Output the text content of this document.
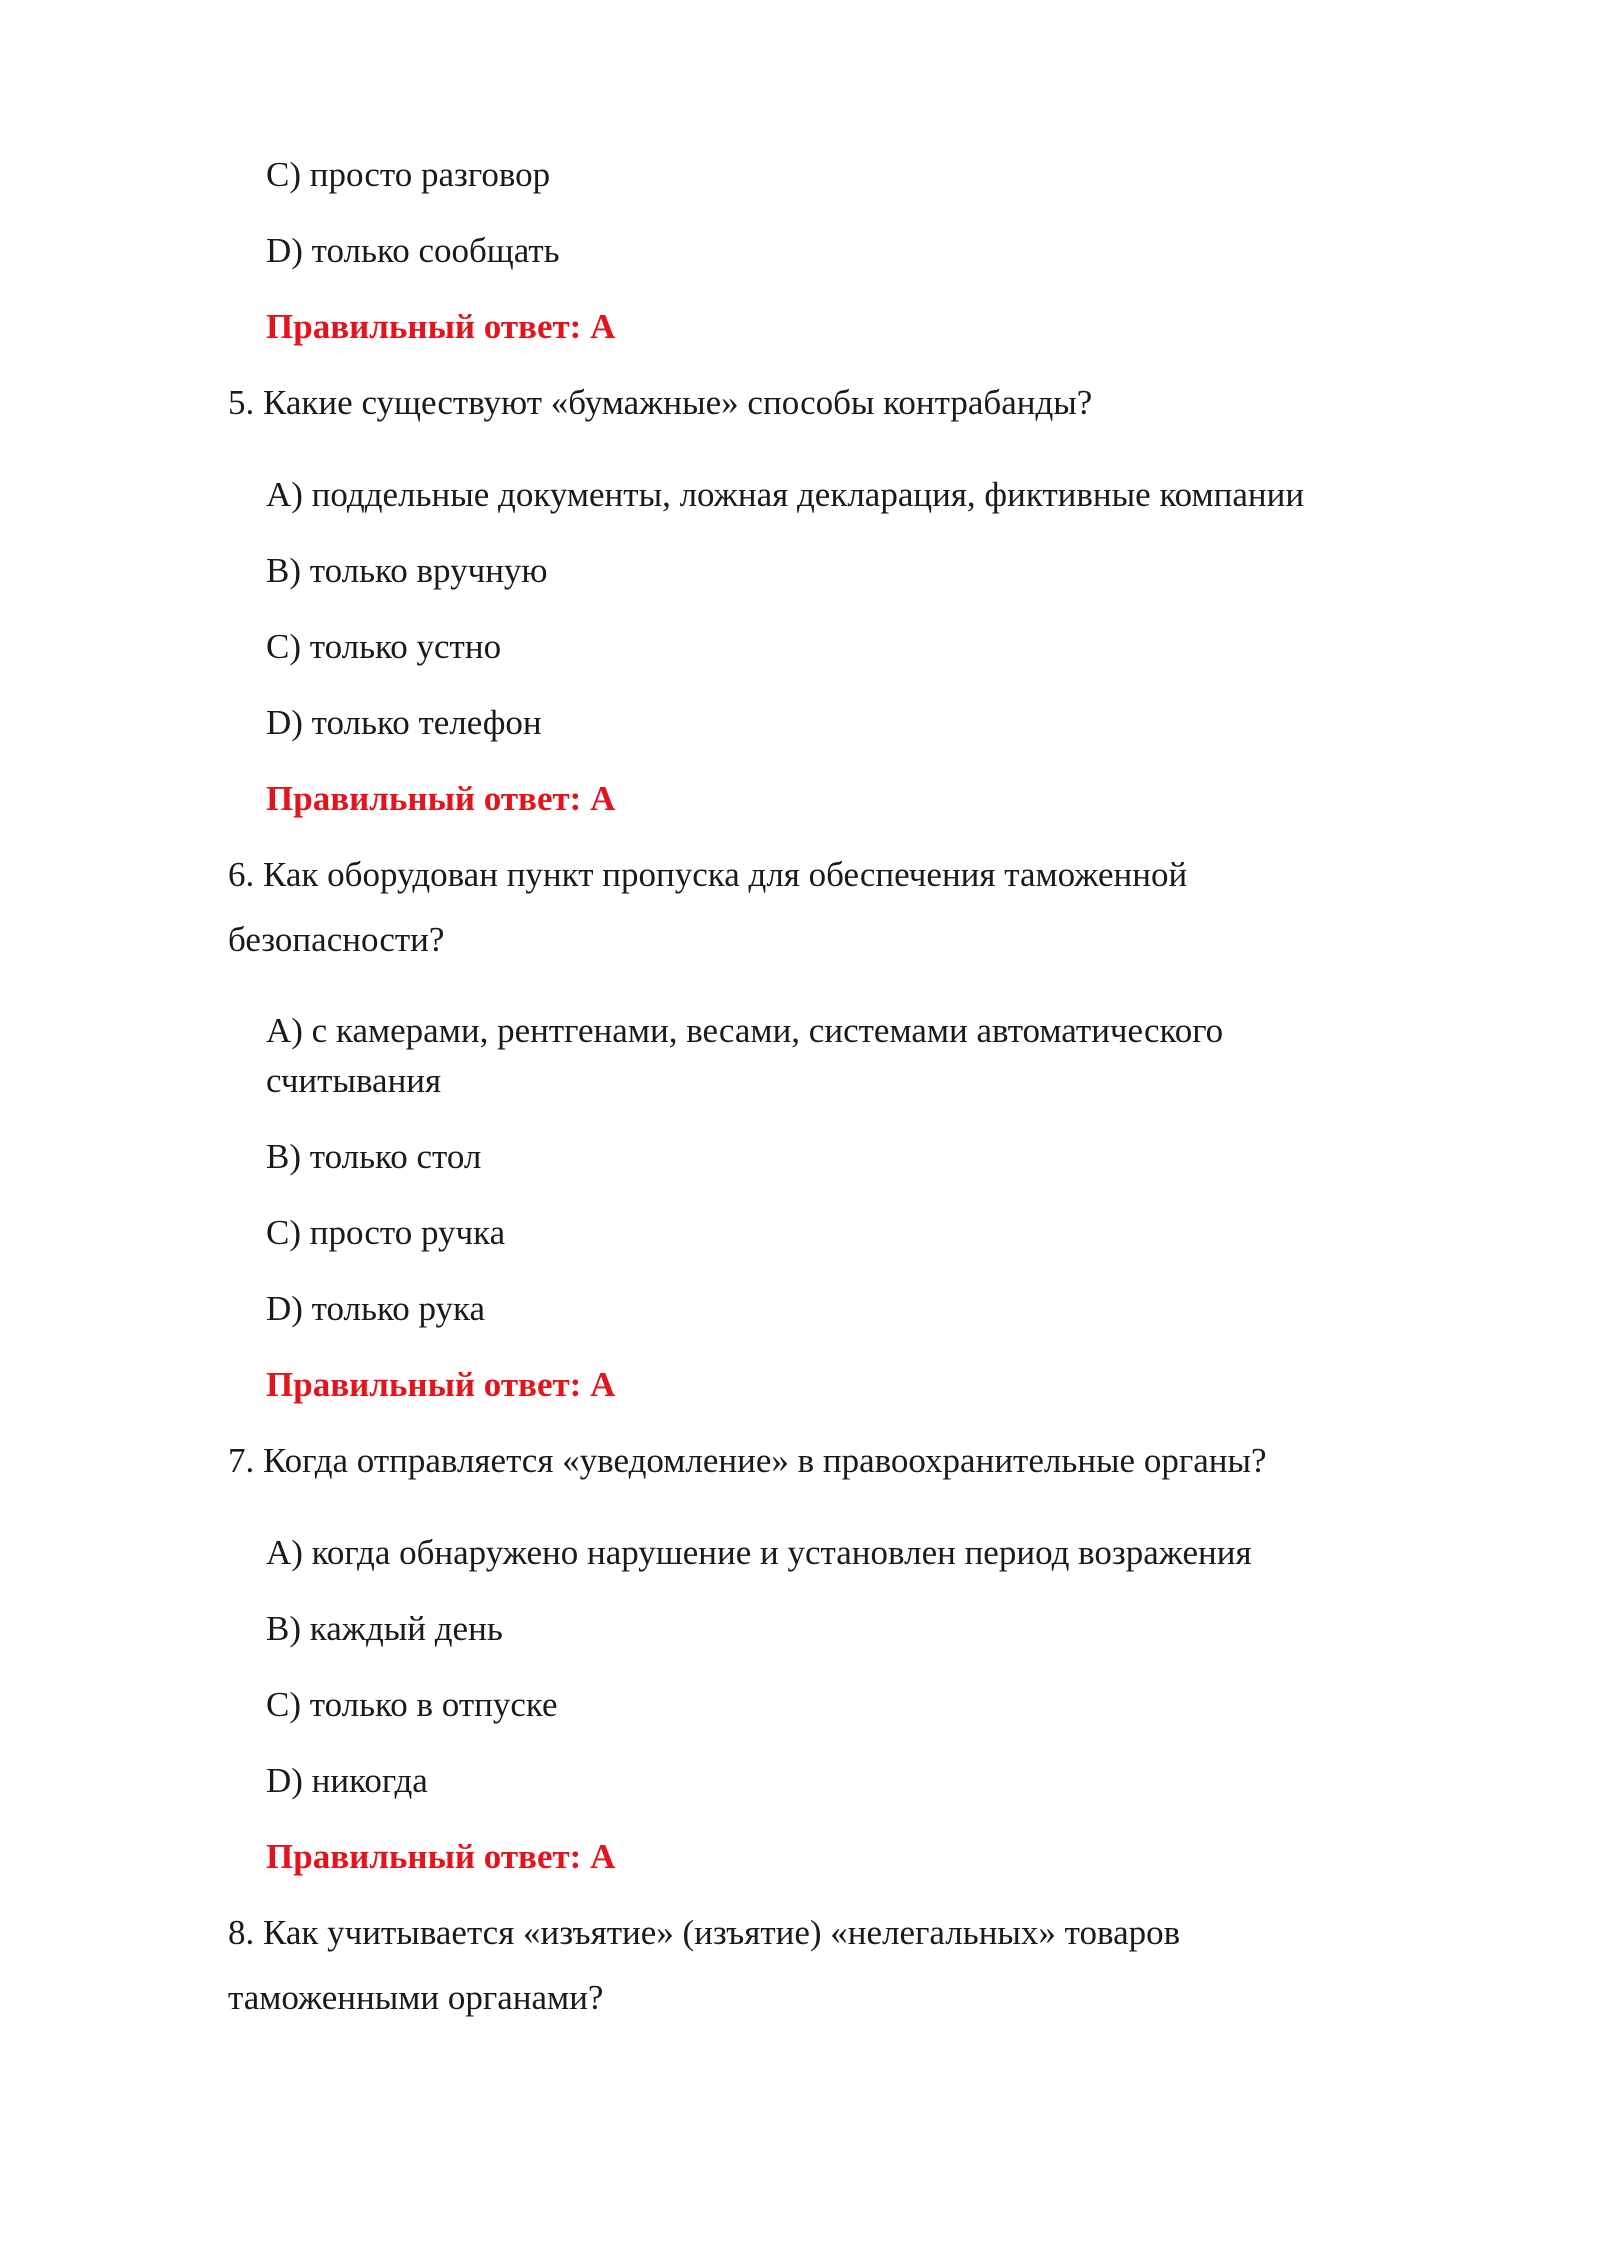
C) просто разговор
D) только сообщать
Правильный ответ: А
5. Какие существуют «бумажные» способы контрабанды?
А) поддельные документы, ложная декларация, фиктивные компании
B) только вручную
C) только устно
D) только телефон
Правильный ответ: А
6. Как оборудован пункт пропуска для обеспечения таможенной
безопасности?
А) с камерами, рентгенами, весами, системами автоматического
считывания
B) только стол
C) просто ручка
D) только рука
Правильный ответ: А
7. Когда отправляется «уведомление» в правоохранительные органы?
А) когда обнаружено нарушение и установлен период возражения
B) каждый день
C) только в отпуске
D) никогда
Правильный ответ: А
8. Как учитывается «изъятие» (изъятие) «нелегальных» товаров
таможенными органами?
